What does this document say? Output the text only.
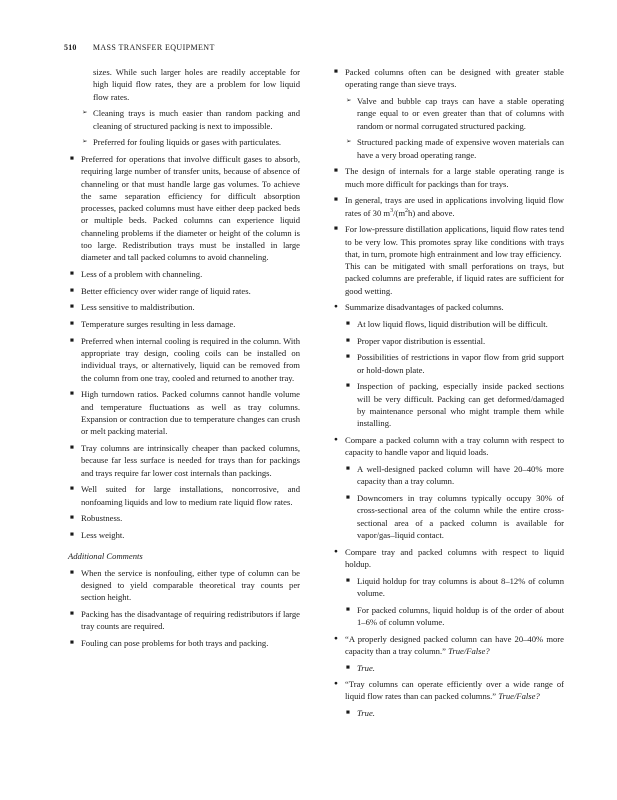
510 MASS TRANSFER EQUIPMENT

sizes. While such larger holes are readily acceptable for high liquid flow rates, they are a problem for low liquid flow rates.

➢ Cleaning trays is much easier than random packing and cleaning of structured packing is next to impossible.
➢ Preferred for fouling liquids or gases with particulates.
■ Preferred for operations that involve difficult gases to absorb, requiring large number of transfer units, because of absence of channeling or that must handle large gas volumes. To achieve the same separation efficiency for difficult absorption processes, packed columns must have either deep packed beds or multiple beds. Packed columns can experience liquid channeling problems if the diameter or height of the column is too large. Redistribution trays must be installed in large diameter and tall packed columns to avoid channeling.
■ Less of a problem with channeling.
■ Better efficiency over wider range of liquid rates.
■ Less sensitive to maldistribution.
■ Temperature surges resulting in less damage.
■ Preferred when internal cooling is required in the column. With appropriate tray design, cooling coils can be installed on individual trays, or alternatively, liquid can be removed from the column from one tray, cooled and returned to another tray.
■ High turndown ratios. Packed columns cannot handle volume and temperature fluctuations as well as tray columns. Expansion or contraction due to temperature changes can crush or melt packing material.
■ Tray columns are intrinsically cheaper than packed columns, because far less surface is needed for trays than for packings and trays require far lower cost internals than packings.
■ Well suited for large installations, noncorrosive, and nonfoaming liquids and low to medium rate liquid flow rates.
■ Robustness.
■ Less weight.

Additional Comments

■ When the service is nonfouling, either type of column can be designed to yield comparable theoretical tray counts per section height.
■ Packing has the disadvantage of requiring redistributors if large tray counts are required.
■ Fouling can pose problems for both trays and packing.
■ Packed columns often can be designed with greater stable operating range than sieve trays.
➢ Valve and bubble cap trays can have a stable operating range equal to or even greater than that of columns with random or normal corrugated structured packing.
➢ Structured packing made of expensive woven materials can have a very broad operating range.
■ The design of internals for a large stable operating range is much more difficult for packings than for trays.
■ In general, trays are used in applications involving liquid flow rates of 30 $m^3/(m^2h)$ and above.
■ For low-pressure distillation applications, liquid flow rates tend to be very low. This promotes spray like conditions with trays that, in turn, promote high entrainment and low tray efficiency.

This can be mitigated with small perforations on trays, but packed columns are preferable, if liquid rates are sufficient for good wetting.

● Summarize disadvantages of packed columns.
■ At low liquid flows, liquid distribution will be difficult.
■ Proper vapor distribution is essential.
■ Possibilities of restrictions in vapor flow from grid support or hold-down plate.
■ Inspection of packing, especially inside packed sections will be very difficult. Packing can get deformed/damaged by maintenance personal who might trample them while installing.
● Compare a packed column with a tray column with respect to capacity to handle vapor and liquid loads.
■ A well-designed packed column will have 20–40% more capacity than a tray column.
■ Downcomers in tray columns typically occupy 30% of cross-sectional area of the column while the entire cross-sectional area of a packed column is available for vapor/gas–liquid contact.
● Compare tray and packed columns with respect to liquid holdup.
■ Liquid holdup for tray columns is about 8–12% of column volume.
■ For packed columns, liquid holdup is of the order of about 1–6% of column volume.
● “A properly designed packed column can have 20–40% more capacity than a tray column.” True/False?
■ True.
● “Tray columns can operate efficiently over a wide range of liquid flow rates than can packed columns.” True/False?
■ True.
